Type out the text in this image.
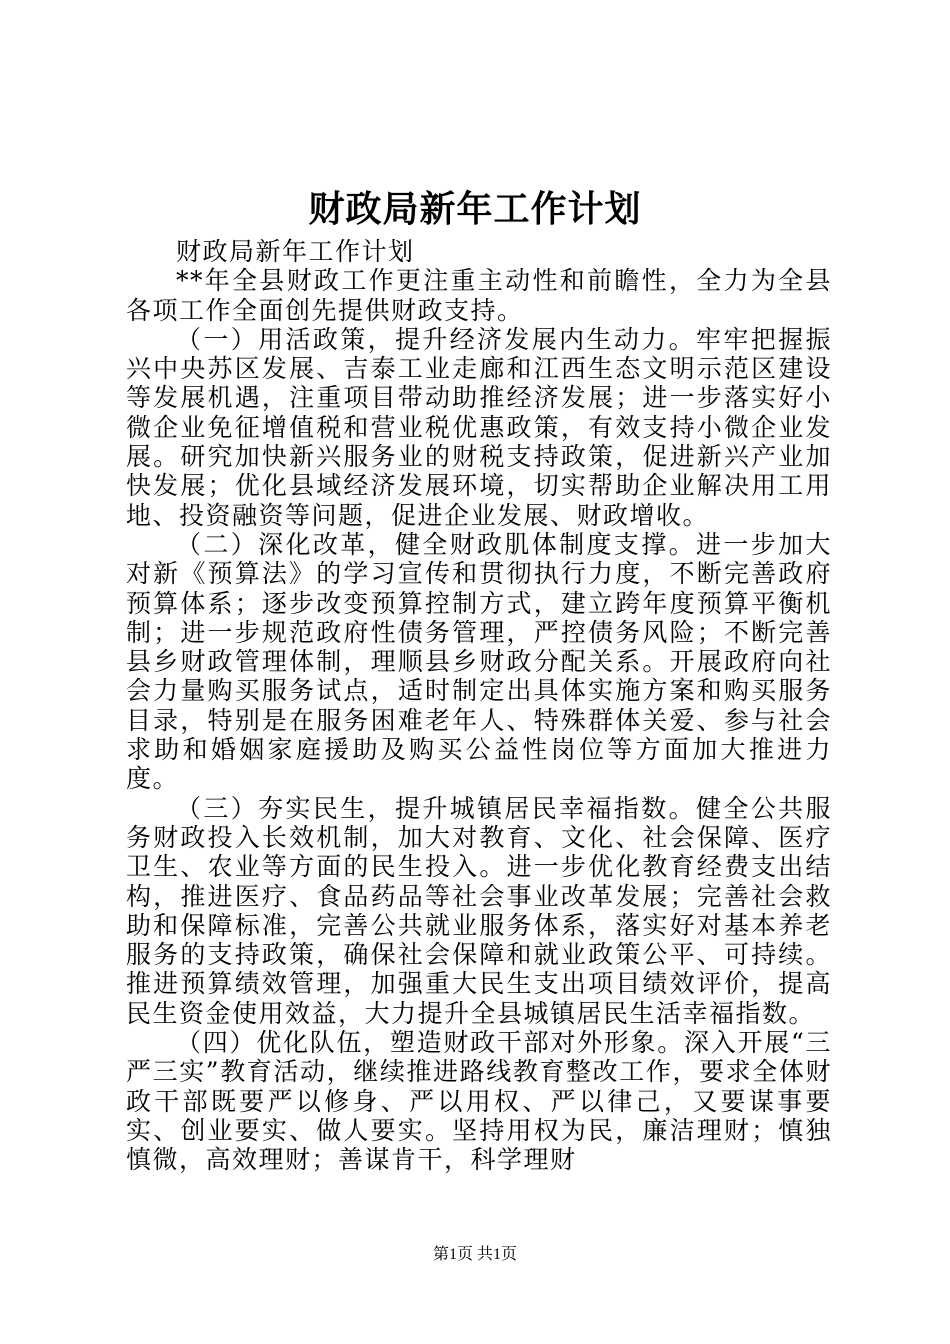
财政局新年工作计划

财政局新年工作计划

**年全县财政工作更注重主动性和前瞻性，全力为全县各项工作全面创先提供财政支持。

（一）用活政策，提升经济发展内生动力。牢牢把握振兴中央苏区发展、吉泰工业走廊和江西生态文明示范区建设等发展机遇，注重项目带动助推经济发展；进一步落实好小微企业免征增值税和营业税优惠政策，有效支持小微企业发展。研究加快新兴服务业的财税支持政策，促进新兴产业加快发展；优化县域经济发展环境，切实帮助企业解决用工用地、投资融资等问题，促进企业发展、财政增收。

（二）深化改革，健全财政肌体制度支撑。进一步加大对新《预算法》的学习宣传和贯彻执行力度，不断完善政府预算体系；逐步改变预算控制方式，建立跨年度预算平衡机制；进一步规范政府性债务管理，严控债务风险；不断完善县乡财政管理体制，理顺县乡财政分配关系。开展政府向社会力量购买服务试点，适时制定出具体实施方案和购买服务目录，特别是在服务困难老年人、特殊群体关爱、参与社会求助和婚姻家庭援助及购买公益性岗位等方面加大推进力度。

（三）夯实民生，提升城镇居民幸福指数。健全公共服务财政投入长效机制，加大对教育、文化、社会保障、医疗卫生、农业等方面的民生投入。进一步优化教育经费支出结构，推进医疗、食品药品等社会事业改革发展；完善社会救助和保障标准，完善公共就业服务体系，落实好对基本养老服务的支持政策，确保社会保障和就业政策公平、可持续。推进预算绩效管理，加强重大民生支出项目绩效评价，提高民生资金使用效益，大力提升全县城镇居民生活幸福指数。

（四）优化队伍，塑造财政干部对外形象。深入开展“三严三实”教育活动，继续推进路线教育整改工作，要求全体财政干部既要严以修身、严以用权、严以律己，又要谋事要实、创业要实、做人要实。坚持用权为民，廉洁理财；慎独慎微，高效理财；善谋肯干，科学理财

第1页 共1页
